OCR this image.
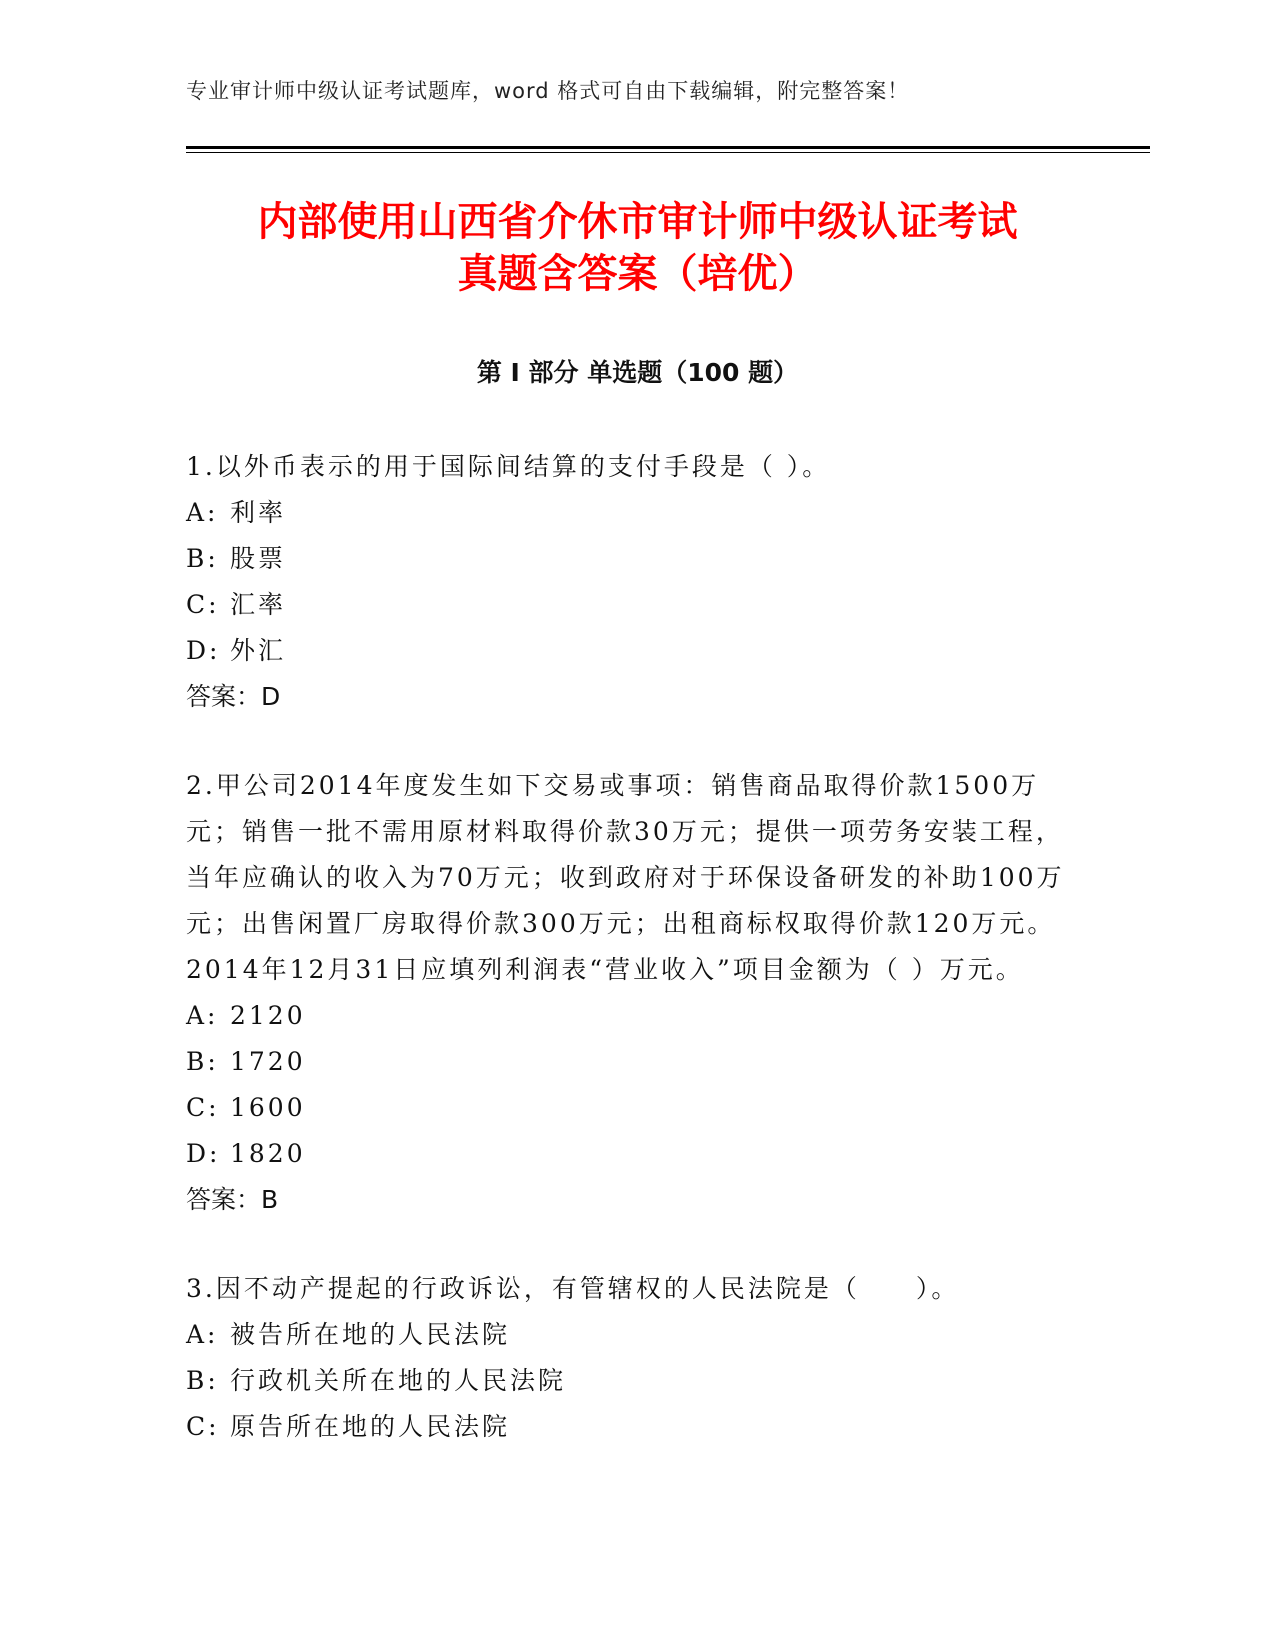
专业审计师中级认证考试题库，word 格式可自由下载编辑，附完整答案！
内部使用山西省介休市审计师中级认证考试
真题含答案（培优）
第 I 部分 单选题（100 题）

1.以外币表示的用于国际间结算的支付手段是（ ）。

A: 利率

B: 股票

C: 汇率

D: 外汇

答案：D

2.甲公司2014年度发生如下交易或事项：销售商品取得价款1500万元；销售一批不需用原材料取得价款30万元；提供一项劳务安装工程，当年应确认的收入为70万元；收到政府对于环保设备研发的补助100万元；出售闲置厂房取得价款300万元；出租商标权取得价款120万元。2014年12月31日应填列利润表“营业收入”项目金额为（ ）万元。

A: 2120

B: 1720

C: 1600

D: 1820

答案：B

3.因不动产提起的行政诉讼，有管辖权的人民法院是（　　）。

A: 被告所在地的人民法院

B: 行政机关所在地的人民法院

C: 原告所在地的人民法院
